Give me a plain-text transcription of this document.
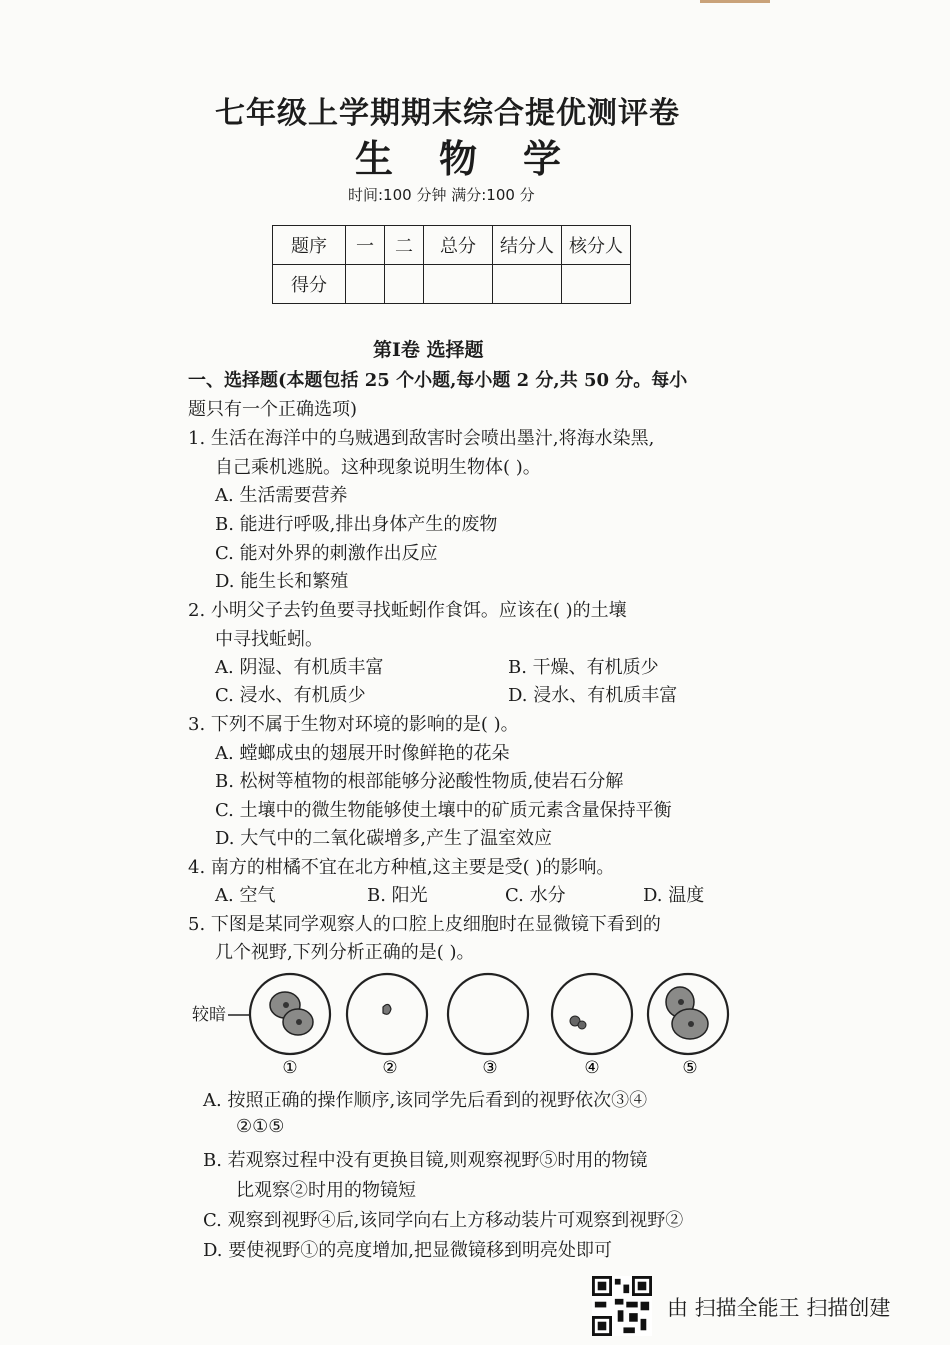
七年级上学期期末综合提优测评卷
生物学
时间:100 分钟 满分:100 分
题序	一	二	总分	结分人	核分人
得分					
第Ⅰ卷 选择题
一、选择题(本题包括 25 个小题,每小题 2 分,共 50 分。每小
题只有一个正确选项)
1. 生活在海洋中的乌贼遇到敌害时会喷出墨汁,将海水染黑,
自己乘机逃脱。这种现象说明生物体( )。
A. 生活需要营养
B. 能进行呼吸,排出身体产生的废物
C. 能对外界的刺激作出反应
D. 能生长和繁殖
2. 小明父子去钓鱼要寻找蚯蚓作食饵。应该在( )的土壤
中寻找蚯蚓。
A. 阴湿、有机质丰富	B. 干燥、有机质少
C. 浸水、有机质少	D. 浸水、有机质丰富
3. 下列不属于生物对环境的影响的是( )。
A. 螳螂成虫的翅展开时像鲜艳的花朵
B. 松树等植物的根部能够分泌酸性物质,使岩石分解
C. 土壤中的微生物能够使土壤中的矿质元素含量保持平衡
D. 大气中的二氧化碳增多,产生了温室效应
4. 南方的柑橘不宜在北方种植,这主要是受( )的影响。
A. 空气	B. 阳光	C. 水分	D. 温度
5. 下图是某同学观察人的口腔上皮细胞时在显微镜下看到的
几个视野,下列分析正确的是( )。
较暗
①	②	③	④	⑤
A. 按照正确的操作顺序,该同学先后看到的视野依次③④
②①⑤
B. 若观察过程中没有更换目镜,则观察视野⑤时用的物镜
比观察②时用的物镜短
C. 观察到视野④后,该同学向右上方移动装片可观察到视野②
D. 要使视野①的亮度增加,把显微镜移到明亮处即可
由 扫描全能王 扫描创建
